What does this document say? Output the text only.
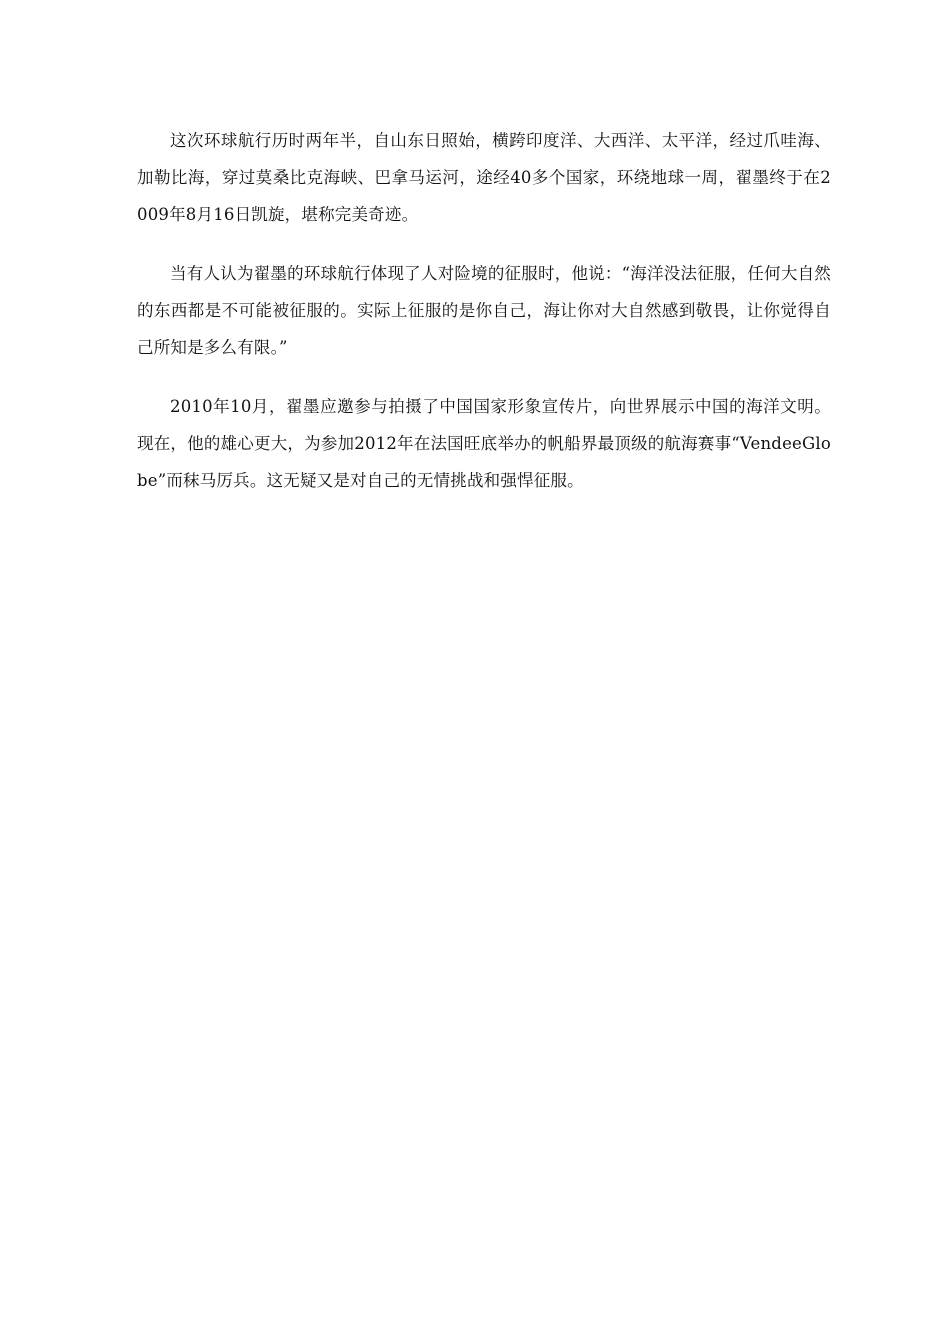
这次环球航行历时两年半，自山东日照始，横跨印度洋、大西洋、太平洋，经过爪哇海、加勒比海，穿过莫桑比克海峡、巴拿马运河，途经40多个国家，环绕地球一周，翟墨终于在2009年8月16日凯旋，堪称完美奇迹。

当有人认为翟墨的环球航行体现了人对险境的征服时，他说：“海洋没法征服，任何大自然的东西都是不可能被征服的。实际上征服的是你自己，海让你对大自然感到敬畏，让你觉得自己所知是多么有限。”

2010年10月，翟墨应邀参与拍摄了中国国家形象宣传片，向世界展示中国的海洋文明。现在，他的雄心更大，为参加2012年在法国旺底举办的帆船界最顶级的航海赛事“VendeeGlobe”而秣马厉兵。这无疑又是对自己的无情挑战和强悍征服。
